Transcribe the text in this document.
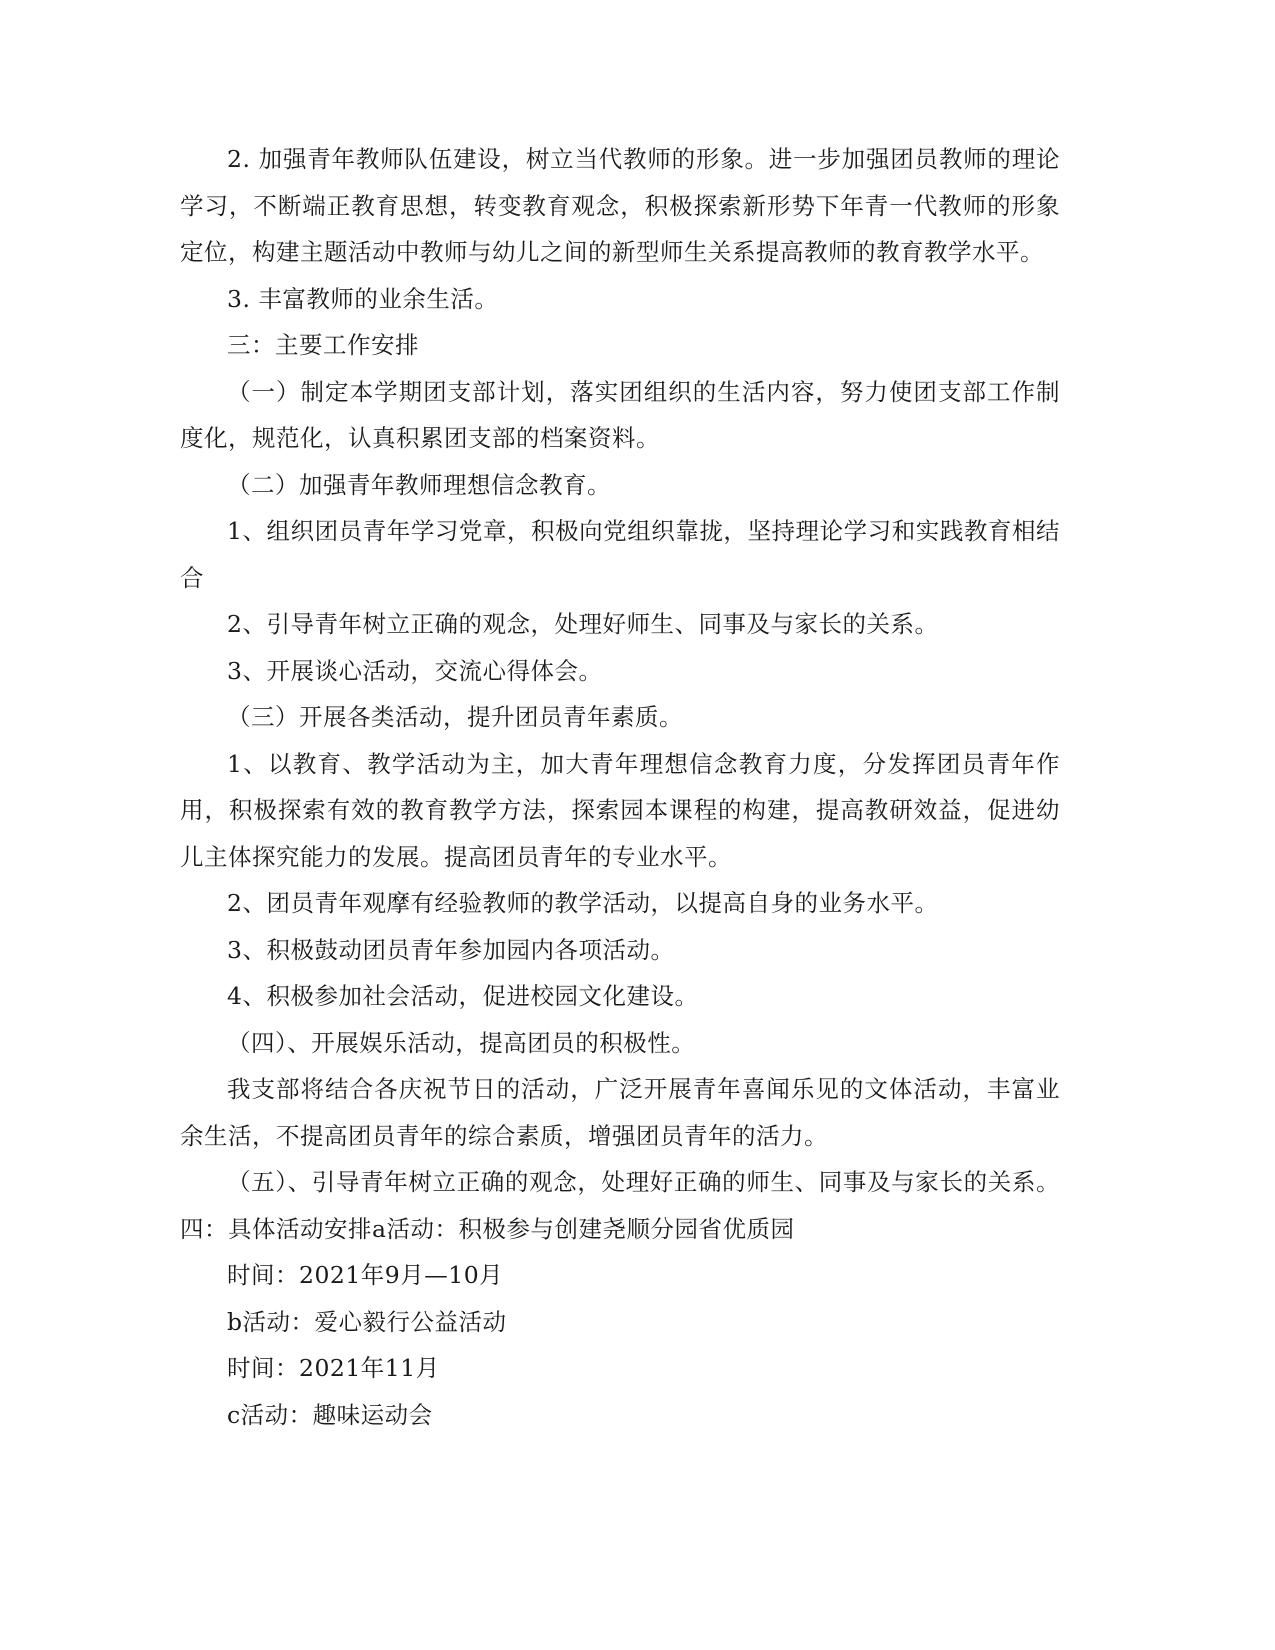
2. 加强青年教师队伍建设，树立当代教师的形象。进一步加强团员教师的理论学习，不断端正教育思想，转变教育观念，积极探索新形势下年青一代教师的形象定位，构建主题活动中教师与幼儿之间的新型师生关系提高教师的教育教学水平。

3. 丰富教师的业余生活。

三：主要工作安排

（一）制定本学期团支部计划，落实团组织的生活内容，努力使团支部工作制度化，规范化，认真积累团支部的档案资料。

（二）加强青年教师理想信念教育。

1、组织团员青年学习党章，积极向党组织靠拢，坚持理论学习和实践教育相结合

2、引导青年树立正确的观念，处理好师生、同事及与家长的关系。

3、开展谈心活动，交流心得体会。

（三）开展各类活动，提升团员青年素质。

1、以教育、教学活动为主，加大青年理想信念教育力度，分发挥团员青年作用，积极探索有效的教育教学方法，探索园本课程的构建，提高教研效益，促进幼儿主体探究能力的发展。提高团员青年的专业水平。

2、团员青年观摩有经验教师的教学活动，以提高自身的业务水平。

3、积极鼓动团员青年参加园内各项活动。

4、积极参加社会活动，促进校园文化建设。

（四）、开展娱乐活动，提高团员的积极性。

我支部将结合各庆祝节日的活动，广泛开展青年喜闻乐见的文体活动，丰富业余生活，不提高团员青年的综合素质，增强团员青年的活力。

（五）、引导青年树立正确的观念，处理好正确的师生、同事及与家长的关系。四：具体活动安排a活动：积极参与创建尧顺分园省优质园

时间：2021年9月—10月

b活动：爱心毅行公益活动

时间：2021年11月

c活动：趣味运动会
